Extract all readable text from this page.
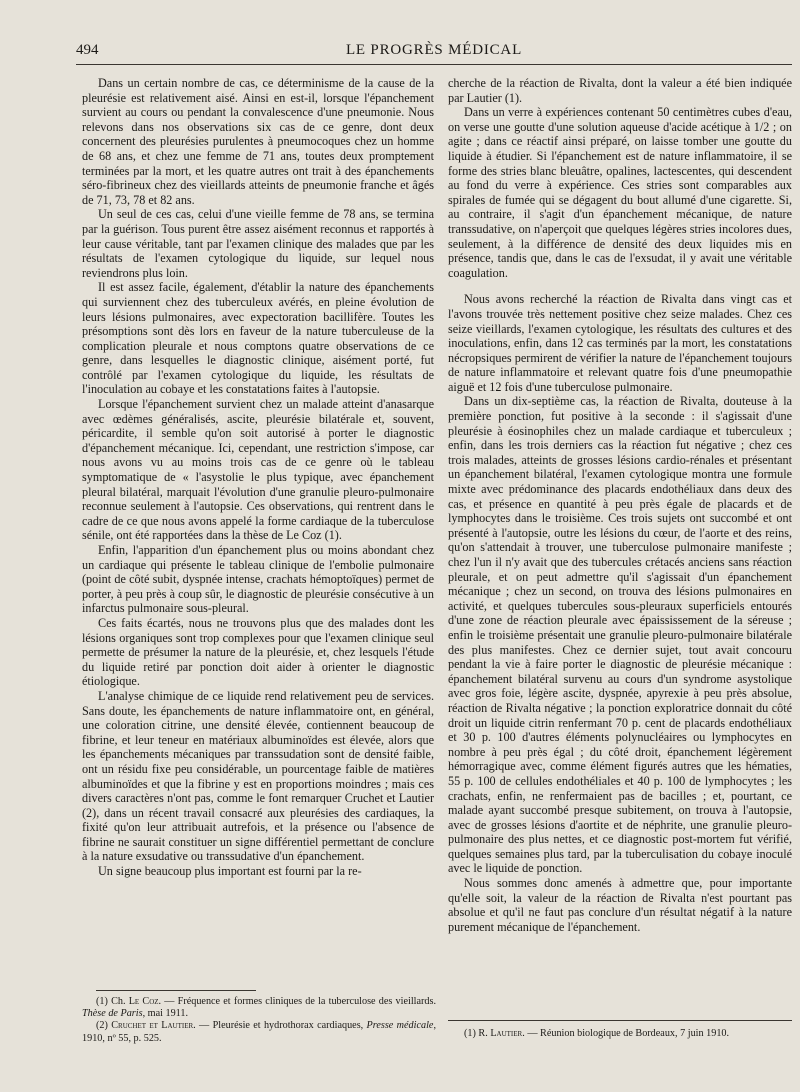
494	LE PROGRÈS MÉDICAL

Dans un certain nombre de cas, ce déterminisme de la cause de la pleurésie est relativement aisé. Ainsi en est-il, lorsque l'épanchement survient au cours ou pendant la convalescence d'une pneumonie. Nous relevons dans nos observations six cas de ce genre, dont deux concernent des pleurésies purulentes à pneumocoques chez un homme de 68 ans, et chez une femme de 71 ans, toutes deux promptement terminées par la mort, et les quatre autres ont trait à des épanchements séro-fibrineux chez des vieillards atteints de pneumonie franche et âgés de 71, 73, 78 et 82 ans.

Un seul de ces cas, celui d'une vieille femme de 78 ans, se termina par la guérison. Tous purent être assez aisément reconnus et rapportés à leur cause véritable, tant par l'examen clinique des malades que par les résultats de l'examen cytologique du liquide, sur lequel nous reviendrons plus loin.

Il est assez facile, également, d'établir la nature des épanchements qui surviennent chez des tuberculeux avérés, en pleine évolution de leurs lésions pulmonaires, avec expectoration bacillifère. Toutes les présomptions sont dès lors en faveur de la nature tuberculeuse de la complication pleurale et nous comptons quatre observations de ce genre, dans lesquelles le diagnostic clinique, aisément porté, fut contrôlé par l'examen cytologique du liquide, les résultats de l'inoculation au cobaye et les constatations faites à l'autopsie.

Lorsque l'épanchement survient chez un malade atteint d'anasarque avec œdèmes généralisés, ascite, pleurésie bilatérale et, souvent, péricardite, il semble qu'on soit autorisé à porter le diagnostic d'épanchement mécanique. Ici, cependant, une restriction s'impose, car nous avons vu au moins trois cas de ce genre où le tableau symptomatique de « l'asystolie le plus typique, avec épanchement pleural bilatéral, marquait l'évolution d'une granulie pleuro-pulmonaire reconnue seulement à l'autopsie. Ces observations, qui rentrent dans le cadre de ce que nous avons appelé la forme cardiaque de la tuberculose sénile, ont été rapportées dans la thèse de Le Coz (1).

Enfin, l'apparition d'un épanchement plus ou moins abondant chez un cardiaque qui présente le tableau clinique de l'embolie pulmonaire (point de côté subit, dyspnée intense, crachats hémoptoïques) permet de porter, à peu près à coup sûr, le diagnostic de pleurésie consécutive à un infarctus pulmonaire sous-pleural.

Ces faits écartés, nous ne trouvons plus que des malades dont les lésions organiques sont trop complexes pour que l'examen clinique seul permette de présumer la nature de la pleurésie, et, chez lesquels l'étude du liquide retiré par ponction doit aider à orienter le diagnostic étiologique.

L'analyse chimique de ce liquide rend relativement peu de services. Sans doute, les épanchements de nature inflammatoire ont, en général, une coloration citrine, une densité élevée, contiennent beaucoup de fibrine, et leur teneur en matériaux albuminoïdes est élevée, alors que les épanchements mécaniques par transsudation sont de densité faible, ont un résidu fixe peu considérable, un pourcentage faible de matières albuminoïdes et que la fibrine y est en proportions moindres ; mais ces divers caractères n'ont pas, comme le font remarquer Cruchet et Lautier (2), dans un récent travail consacré aux pleurésies des cardiaques, la fixité qu'on leur attribuait autrefois, et la présence ou l'absence de fibrine ne saurait constituer un signe différentiel permettant de conclure à la nature exsudative ou transsudative d'un épanchement.

Un signe beaucoup plus important est fourni par la re-

cherche de la réaction de Rivalta, dont la valeur a été bien indiquée par Lautier (1).

Dans un verre à expériences contenant 50 centimètres cubes d'eau, on verse une goutte d'une solution aqueuse d'acide acétique à 1/2 ; on agite ; dans ce réactif ainsi préparé, on laisse tomber une goutte du liquide à étudier. Si l'épanchement est de nature inflammatoire, il se forme des stries blanc bleuâtre, opalines, lactescentes, qui descendent au fond du verre à expérience. Ces stries sont comparables aux spirales de fumée qui se dégagent du bout allumé d'une cigarette. Si, au contraire, il s'agit d'un épanchement mécanique, de nature transsudative, on n'aperçoit que quelques légères stries incolores dues, seulement, à la différence de densité des deux liquides mis en présence, tandis que, dans le cas de l'exsudat, il y avait une véritable coagulation.

Nous avons recherché la réaction de Rivalta dans vingt cas et l'avons trouvée très nettement positive chez seize malades. Chez ces seize vieillards, l'examen cytologique, les résultats des cultures et des inoculations, enfin, dans 12 cas terminés par la mort, les constatations nécropsiques permirent de vérifier la nature de l'épanchement toujours de nature inflammatoire et relevant quatre fois d'une pneumopathie aiguë et 12 fois d'une tuberculose pulmonaire.

Dans un dix-septième cas, la réaction de Rivalta, douteuse à la première ponction, fut positive à la seconde : il s'agissait d'une pleurésie à éosinophiles chez un malade cardiaque et tuberculeux ; enfin, dans les trois derniers cas la réaction fut négative ; chez ces trois malades, atteints de grosses lésions cardio-rénales et présentant un épanchement bilatéral, l'examen cytologique montra une formule mixte avec prédominance des placards endothéliaux dans deux des cas, et présence en quantité à peu près égale de placards et de lymphocytes dans le troisième. Ces trois sujets ont succombé et ont présenté à l'autopsie, outre les lésions du cœur, de l'aorte et des reins, qu'on s'attendait à trouver, une tuberculose pulmonaire manifeste ; chez l'un il n'y avait que des tubercules crétacés anciens sans réaction pleurale, et on peut admettre qu'il s'agissait d'un épanchement mécanique ; chez un second, on trouva des lésions pulmonaires en activité, et quelques tubercules sous-pleuraux superficiels entourés d'une zone de réaction pleurale avec épaississement de la séreuse ; enfin le troisième présentait une granulie pleuro-pulmonaire bilatérale des plus manifestes. Chez ce dernier sujet, tout avait concouru pendant la vie à faire porter le diagnostic de pleurésie mécanique : épanchement bilatéral survenu au cours d'un syndrome asystolique avec gros foie, légère ascite, dyspnée, apyrexie à peu près absolue, réaction de Rivalta négative ; la ponction exploratrice donnait du côté droit un liquide citrin renfermant 70 p. cent de placards endothéliaux et 30 p. 100 d'autres éléments polynucléaires ou lymphocytes en nombre à peu près égal ; du côté droit, épanchement légèrement hémorragique avec, comme élément figurés autres que les hématies, 55 p. 100 de cellules endothéliales et 40 p. 100 de lymphocytes ; les crachats, enfin, ne renfermaient pas de bacilles ; et, pourtant, ce malade ayant succombé presque subitement, on trouva à l'autopsie, avec de grosses lésions d'aortite et de néphrite, une granulie pleuro-pulmonaire des plus nettes, et ce diagnostic post-mortem fut vérifié, quelques semaines plus tard, par la tuberculisation du cobaye inoculé avec le liquide de ponction.

Nous sommes donc amenés à admettre que, pour importante qu'elle soit, la valeur de la réaction de Rivalta n'est pourtant pas absolue et qu'il ne faut pas conclure d'un résultat négatif à la nature purement mécanique de l'épanchement.

(1) Ch. Le Coz. — Fréquence et formes cliniques de la tuberculose des vieillards. Thèse de Paris, mai 1911.

(2) Cruchet et Lautier. — Pleurésie et hydrothorax cardiaques, Presse médicale, 1910, nº 55, p. 525.	(1) R. Lautier. — Réunion biologique de Bordeaux, 7 juin 1910.
